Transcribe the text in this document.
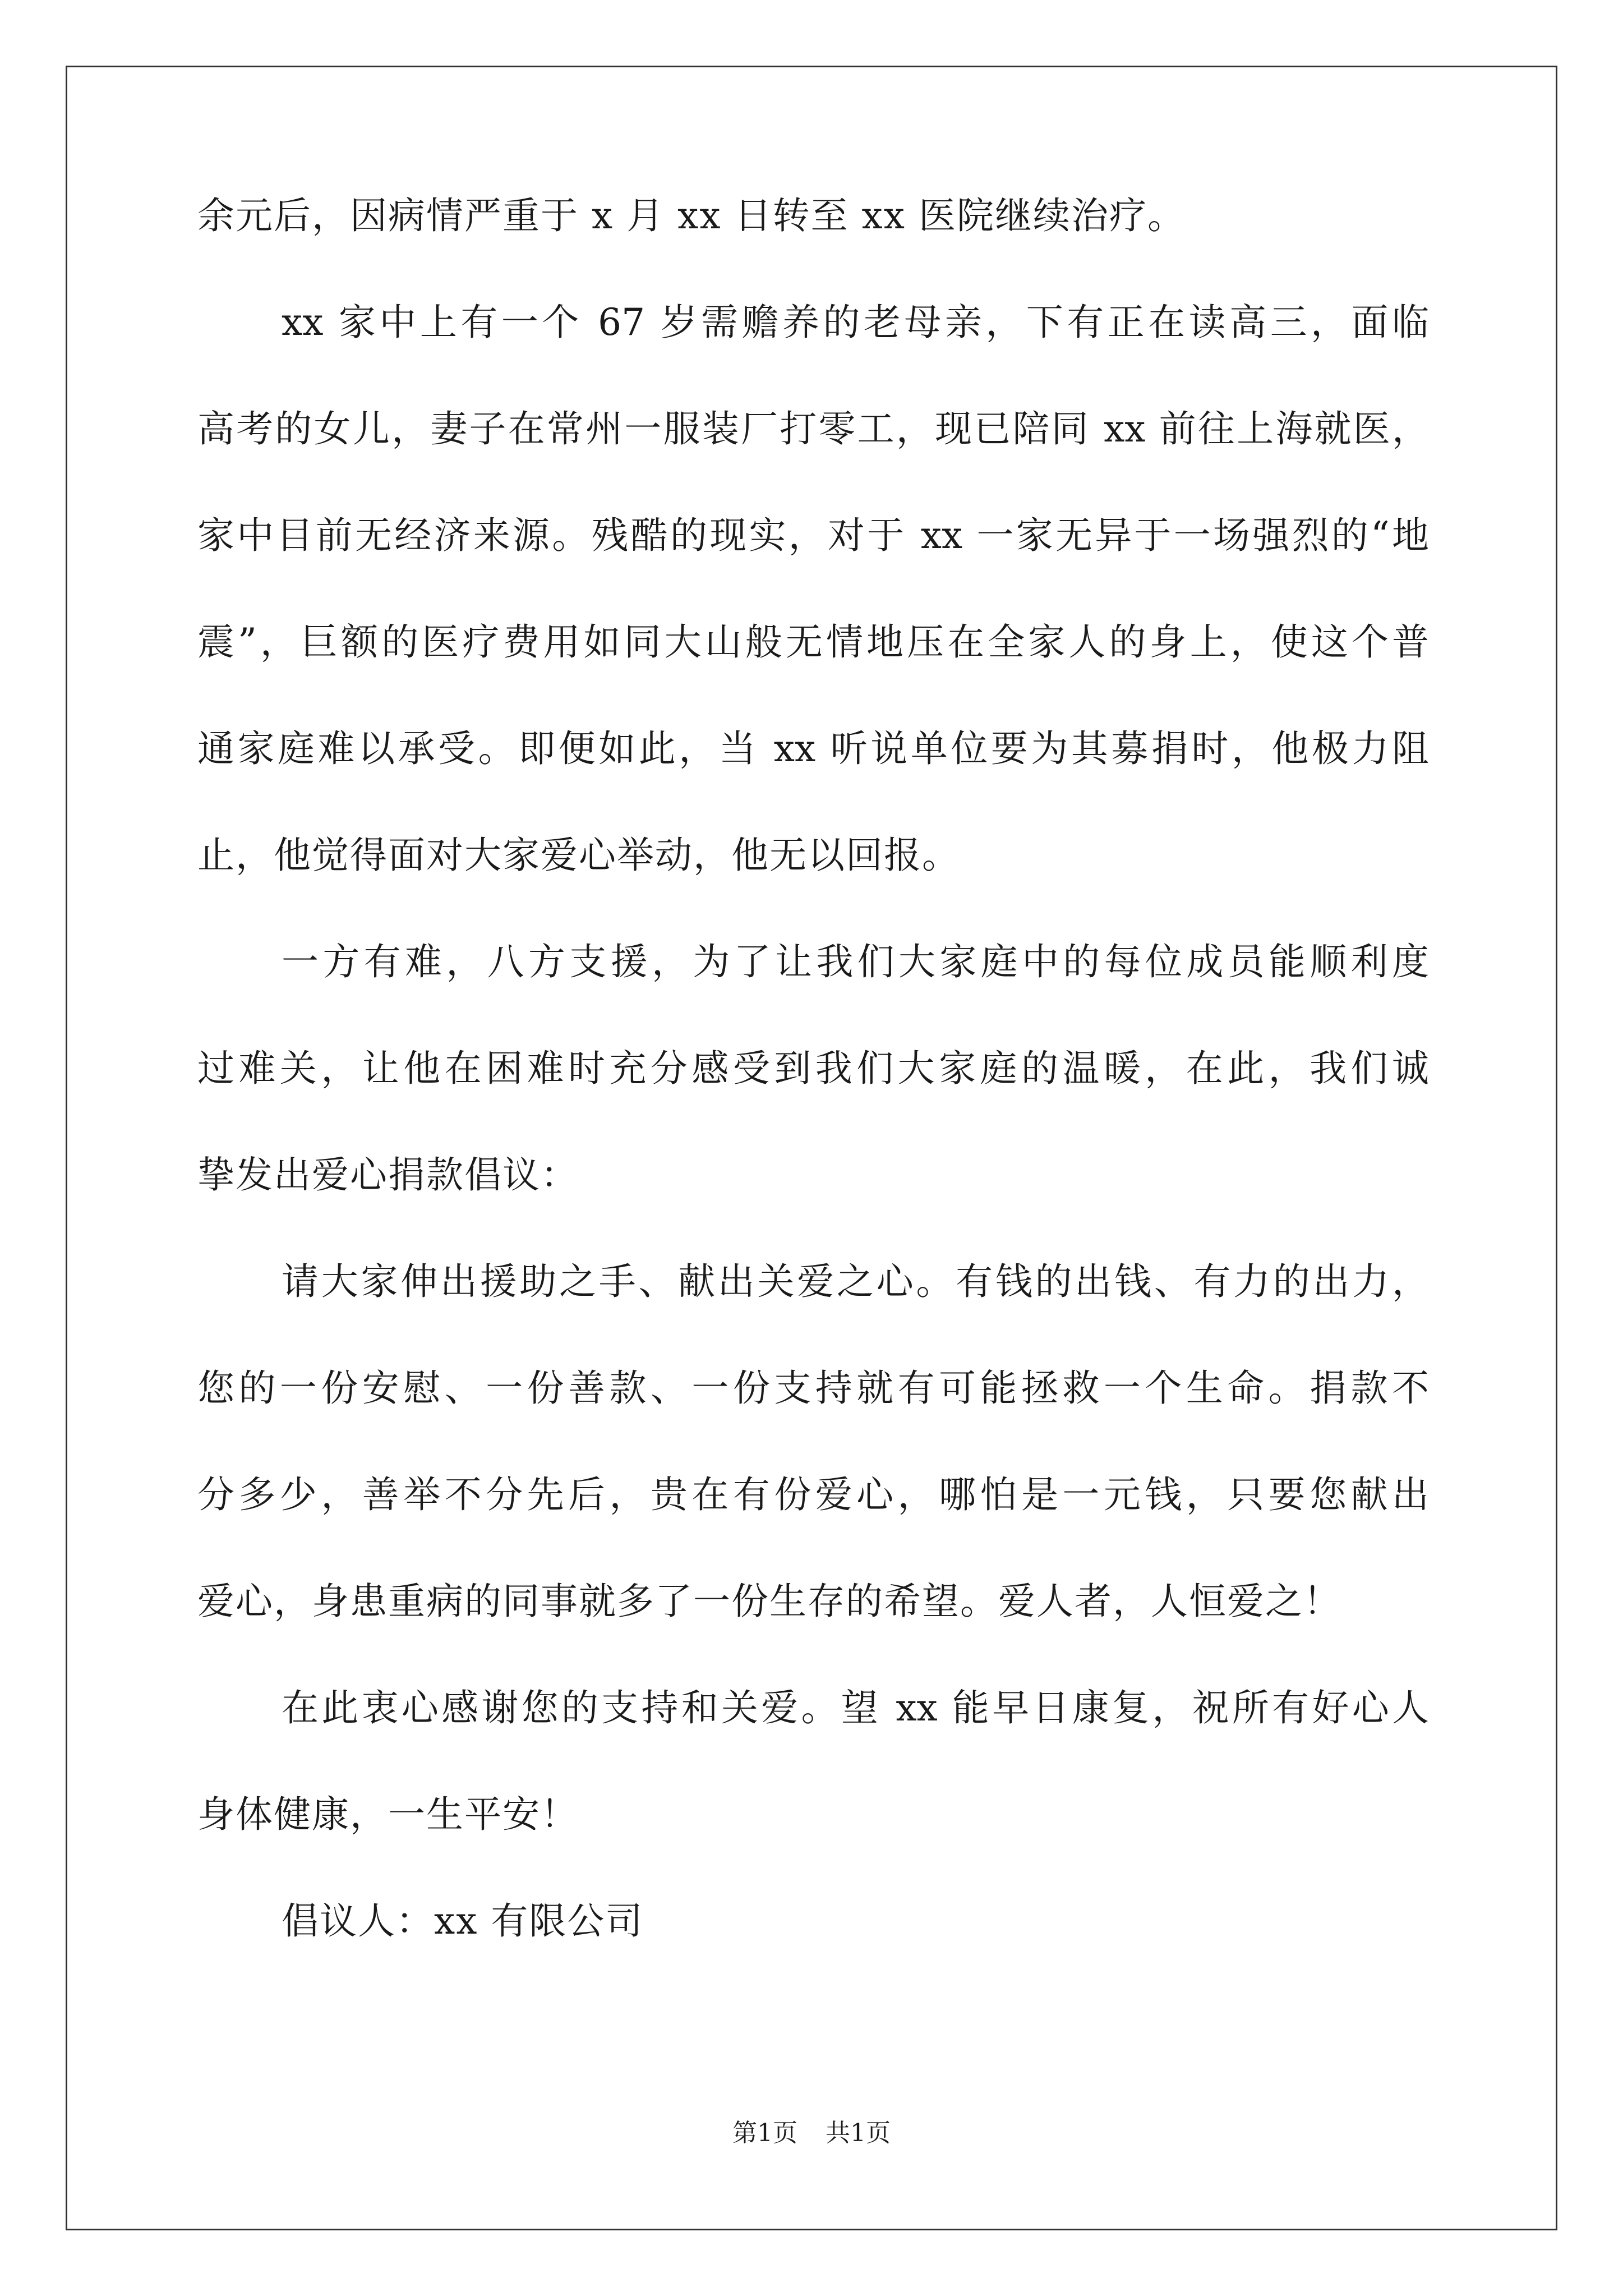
余元后，因病情严重于 x 月 xx 日转至 xx 医院继续治疗。
xx 家中上有一个 67 岁需赡养的老母亲，下有正在读高三，面临
高考的女儿，妻子在常州一服装厂打零工，现已陪同 xx 前往上海就医，
家中目前无经济来源。残酷的现实，对于 xx 一家无异于一场强烈的“地
震”，巨额的医疗费用如同大山般无情地压在全家人的身上，使这个普
通家庭难以承受。即便如此，当 xx 听说单位要为其募捐时，他极力阻
止，他觉得面对大家爱心举动，他无以回报。
一方有难，八方支援，为了让我们大家庭中的每位成员能顺利度
过难关，让他在困难时充分感受到我们大家庭的温暖，在此，我们诚
挚发出爱心捐款倡议：
请大家伸出援助之手、献出关爱之心。有钱的出钱、有力的出力，
您的一份安慰、一份善款、一份支持就有可能拯救一个生命。捐款不
分多少，善举不分先后，贵在有份爱心，哪怕是一元钱，只要您献出
爱心，身患重病的同事就多了一份生存的希望。爱人者，人恒爱之！
在此衷心感谢您的支持和关爱。望 xx 能早日康复，祝所有好心人
身体健康，一生平安！
倡议人：xx 有限公司
第1页 共1页
